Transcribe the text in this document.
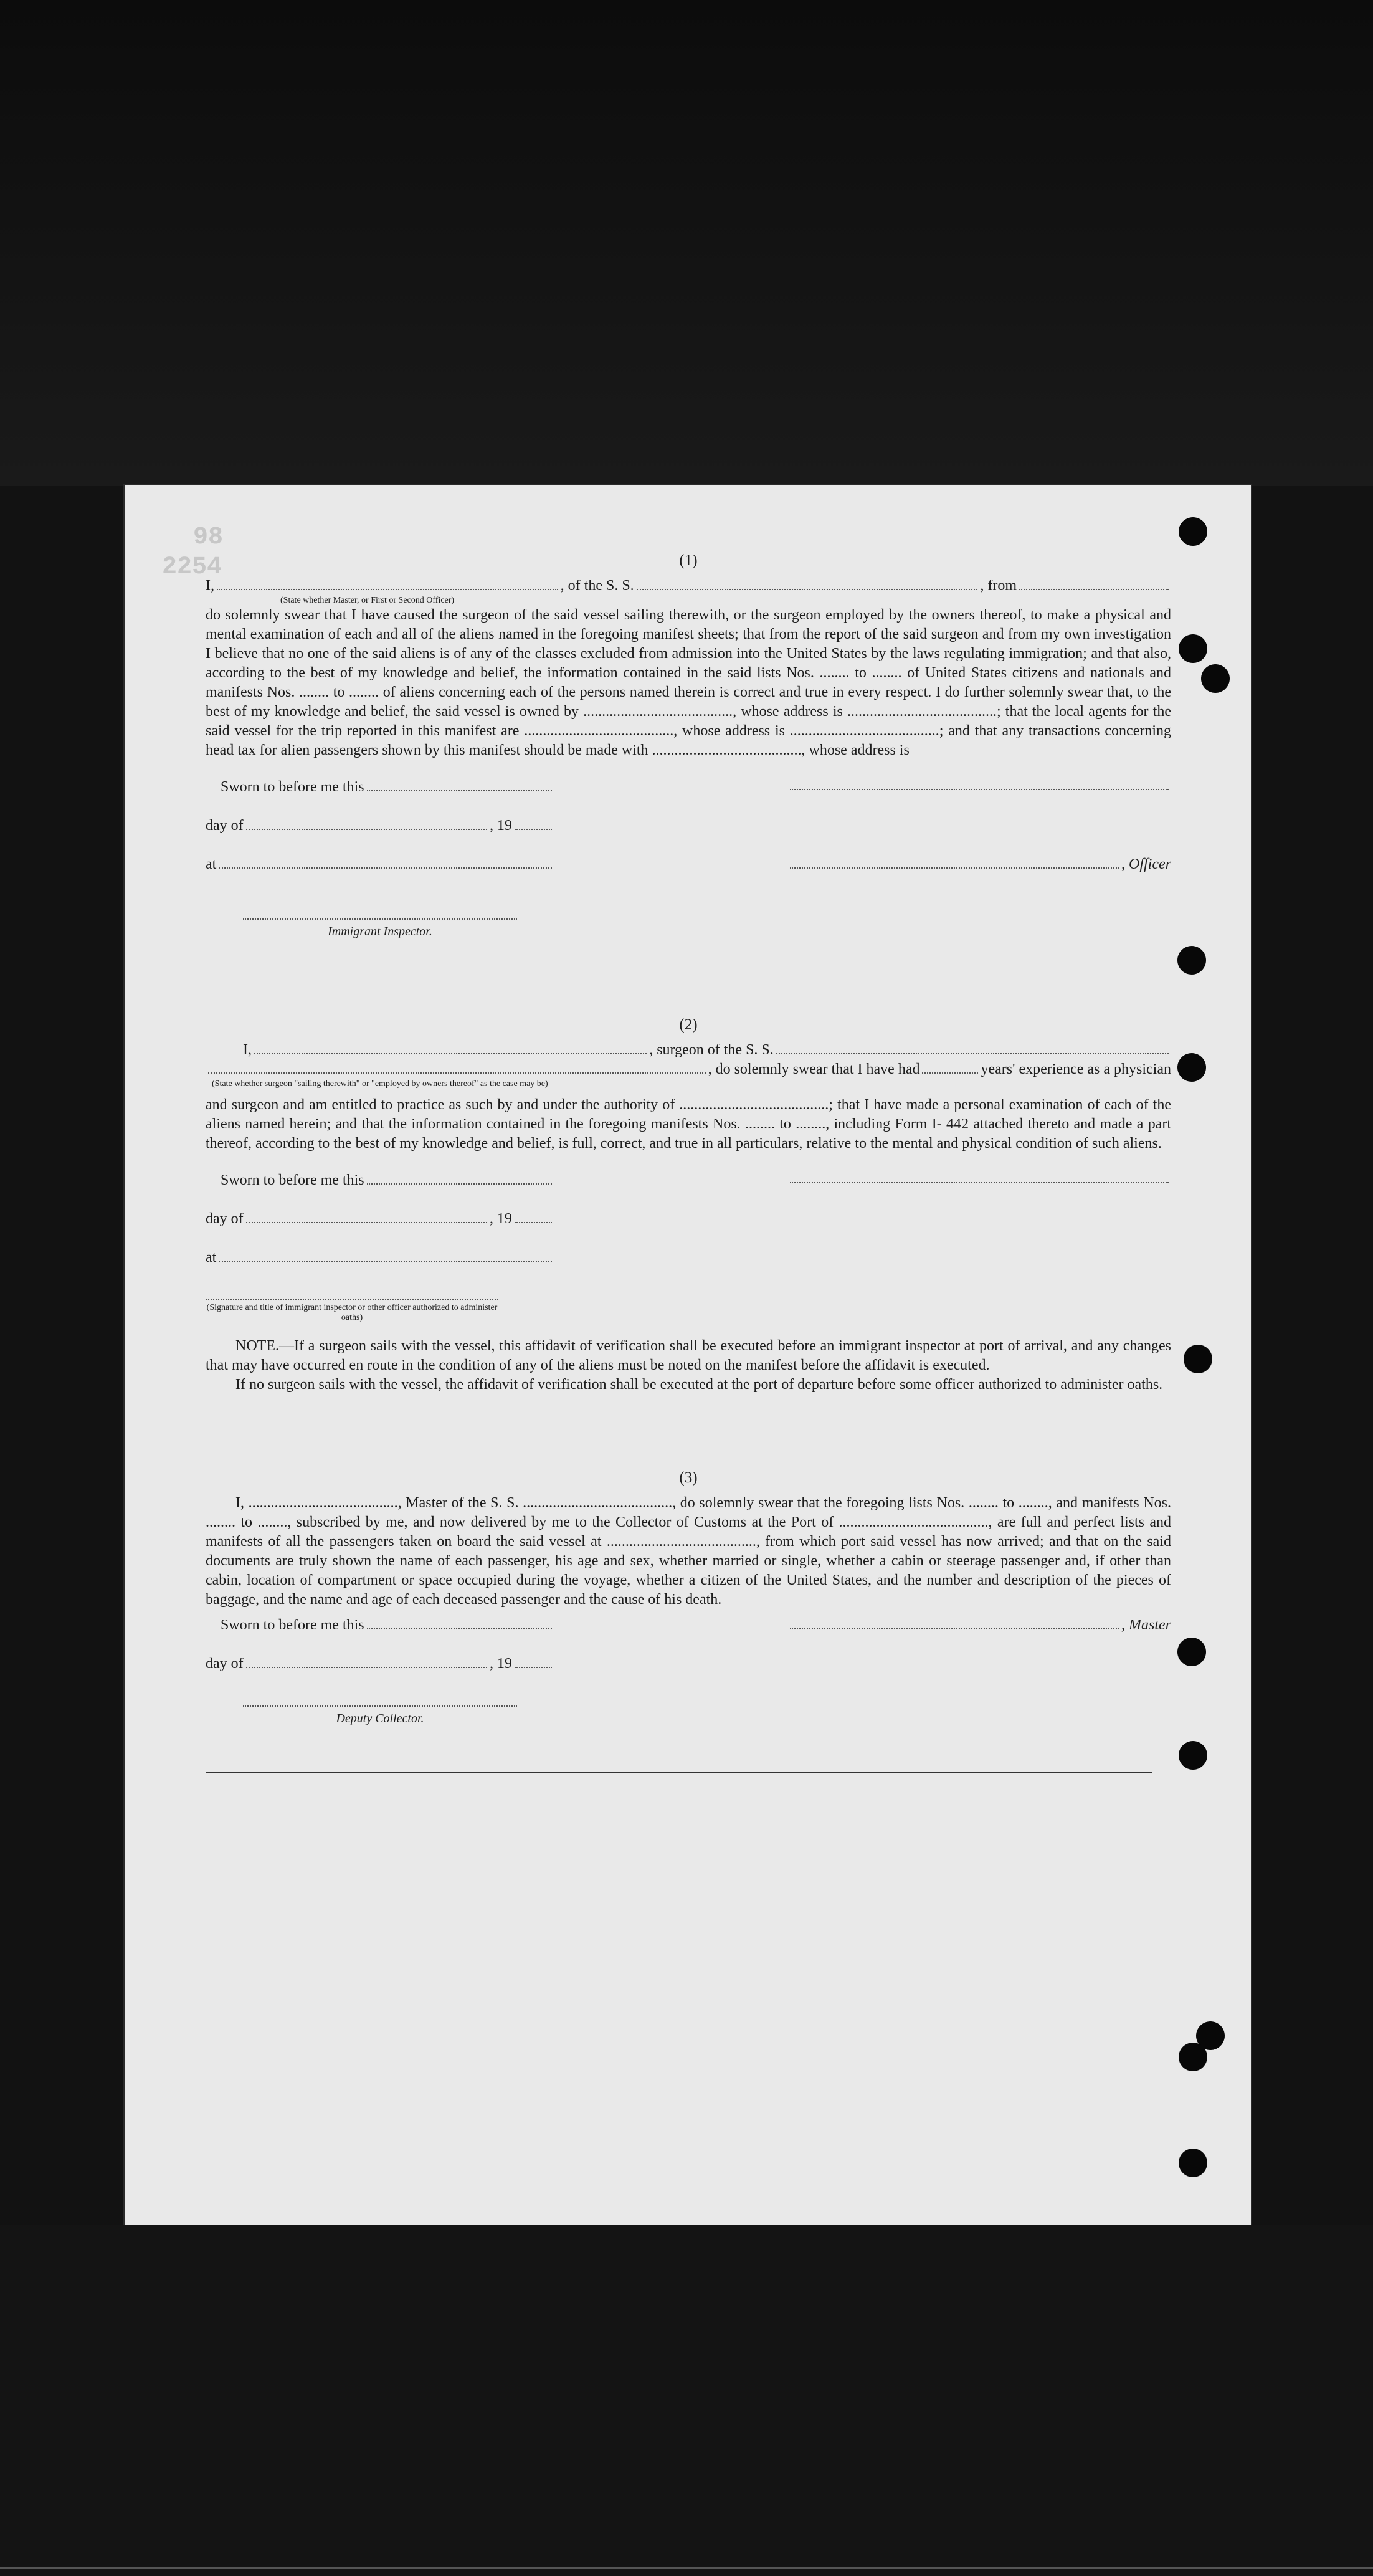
98
2254	(1)
I,	, of the S. S.	, from
(State whether Master, or First or Second Officer)
do solemnly swear that I have caused the surgeon of the said vessel sailing therewith, or the surgeon employed by the owners thereof, to make a physical and mental examination of each and all of the aliens named in the foregoing manifest sheets; that from the report of the said surgeon and from my own investigation I believe that no one of the said aliens is of any of the classes excluded from admission into the United States by the laws regulating immigration; and that also, according to the best of my knowledge and belief, the information contained in the said lists Nos. ........ to ........ of United States citizens and nationals and manifests Nos. ........ to ........ of aliens concerning each of the persons named therein is correct and true in every respect. I do further solemnly swear that, to the best of my knowledge and belief, the said vessel is owned by ........................................, whose address is ........................................; that the local agents for the said vessel for the trip reported in this manifest are ........................................, whose address is ........................................; and that any transactions concerning head tax for alien passengers shown by this manifest should be made with ........................................, whose address is
Sworn to before me this
day of	, 19
at
Immigrant Inspector.
, Officer
(2)
I,	, surgeon of the S. S.
, do solemnly swear that I have had	years' experience as a physician
(State whether surgeon "sailing therewith" or "employed by owners thereof" as the case may be)
and surgeon and am entitled to practice as such by and under the authority of ........................................; that I have made a personal examination of each of the aliens named herein; and that the information contained in the foregoing manifests Nos. ........ to ........, including Form I- 442 attached thereto and made a part thereof, according to the best of my knowledge and belief, is full, correct, and true in all particulars, relative to the mental and physical condition of such aliens.
Sworn to before me this
day of	, 19
at
(Signature and title of immigrant inspector or other officer authorized to administer oaths)
NOTE.—If a surgeon sails with the vessel, this affidavit of verification shall be executed before an immigrant inspector at port of arrival, and any changes that may have occurred en route in the condition of any of the aliens must be noted on the manifest before the affidavit is executed.
If no surgeon sails with the vessel, the affidavit of verification shall be executed at the port of departure before some officer authorized to administer oaths.
(3)
I, ........................................, Master of the S. S. ........................................, do solemnly swear that the foregoing lists Nos. ........ to ........, and manifests Nos. ........ to ........, subscribed by me, and now delivered by me to the Collector of Customs at the Port of ........................................, are full and perfect lists and manifests of all the passengers taken on board the said vessel at ........................................, from which port said vessel has now arrived; and that on the said documents are truly shown the name of each passenger, his age and sex, whether married or single, whether a cabin or steerage passenger and, if other than cabin, location of compartment or space occupied during the voyage, whether a citizen of the United States, and the number and description of the pieces of baggage, and the name and age of each deceased passenger and the cause of his death.
Sworn to before me this
day of	, 19
Deputy Collector.
, Master
